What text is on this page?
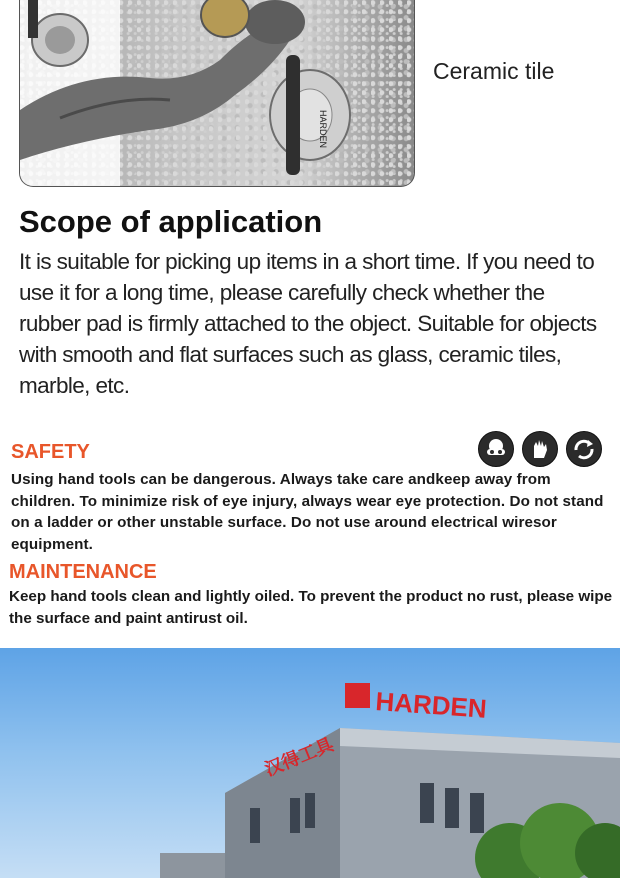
HARDEN
Ceramic tile
Scope of application
It is suitable for picking up items in a short time. If you need to use it for a long time, please carefully check whether the rubber pad is firmly attached to the object. Suitable for objects with smooth and flat surfaces such as glass, ceramic tiles, marble, etc.
SAFETY
Using hand tools can be dangerous. Always take care andkeep away from children. To minimize risk of eye injury, always wear eye protection. Do not stand on a ladder or other unstable surface. Do not use around electrical wiresor equipment.
MAINTENANCE
Keep hand tools clean and lightly oiled. To prevent the product no rust, please wipe the surface and paint antirust oil.
HARDEN
汉得工具
